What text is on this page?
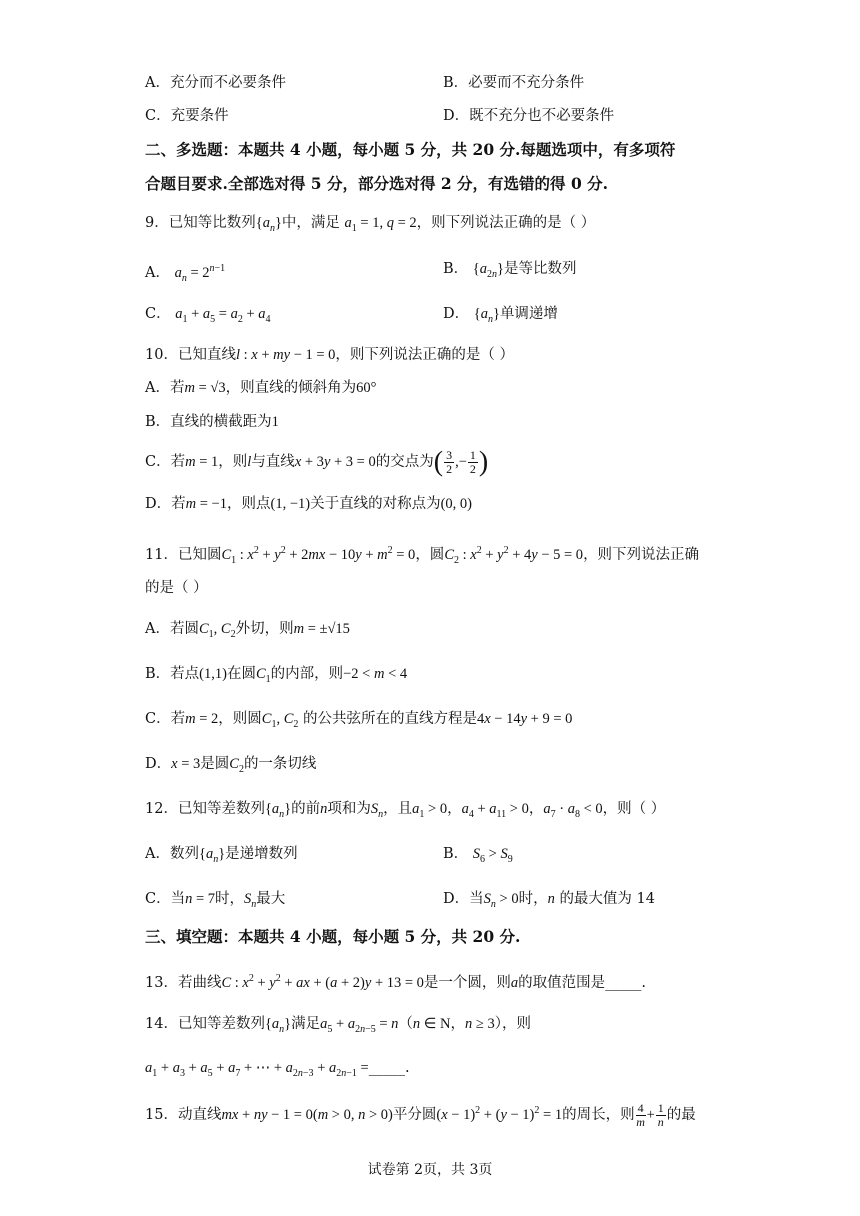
A．充分而不必要条件	B．必要而不充分条件
C．充要条件	D．既不充分也不必要条件
二、多选题：本题共 4 小题，每小题 5 分，共 20 分.每题选项中，有多项符
合题目要求.全部选对得 5 分，部分选对得 2 分，有选错的得 0 分.
9．已知等比数列$\{a_n\}$中，满足 $a_1 = 1$, q = 2，则下列说法正确的是（ ）
A． $a_n = 2^{n-1}$	B． $\{a_{2n}\}$是等比数列
C． $a_1 + a_5 = a_2 + a_4$	D． $\{a_n\}$单调递增
10．已知直线l : x + my − 1 = 0，则下列说法正确的是（ ）
A．若m = √3，则直线的倾斜角为60°
B．直线的横截距为1
C．若m = 1，则l与直线x + 3y + 3 = 0的交点为( $\frac{3}{2}$ ,− $\frac{1}{2}$ )
D．若m = −1，则点(1, −1)关于直线的对称点为(0, 0)
11．已知圆$C_1$ : $x^2 + y^2 + 2mx - 10y + m^2 = 0$，圆$C_2$ : $x^2 + y^2 + 4y - 5 = 0$，则下列说法正确
的是（ ）
A．若圆$C_1$, $C_2$外切，则m = ±√15
B．若点(1,1)在圆$C_1$的内部，则−2 < m < 4
C．若m = 2，则圆$C_1$, $C_2$ 的公共弦所在的直线方程是4x − 14y + 9 = 0
D．x = 3是圆$C_2$的一条切线
12．已知等差数列$\{a_n\}$的前n项和为$S_n$，且$a_1 > 0$，$a_4 + a_{11} > 0$，$a_7 \cdot a_8 < 0$，则（ ）
A．数列$\{a_n\}$是递增数列	B． $S_6 > S_9$
C．当n = 7时，$S_n$最大	D．当$S_n > 0$时，n 的最大值为 14
三、填空题：本题共 4 小题，每小题 5 分，共 20 分.
13．若曲线C : $x^2 + y^2$ + ax + (a + 2)y + 13 = 0是一个圆，则a的取值范围是_____.
14．已知等差数列$\{a_n\}$满足$a_5 + a_{2n-5} = n(n$ ∈ N，n ≥ 3），则
$a_1 + a_3 + a_5 + a_7$ + ⋯ + $a_{2n-3} + a_{2n-1}$ =_____.
15．动直线mx + ny − 1 = 0(m > 0, n > 0)平分圆$(x - 1)^2 + (y - 1)^2 = 1$的周长，则 $\frac{4}{m} + \frac{1}{n}$ 的最
试卷第 2页，共 3页
